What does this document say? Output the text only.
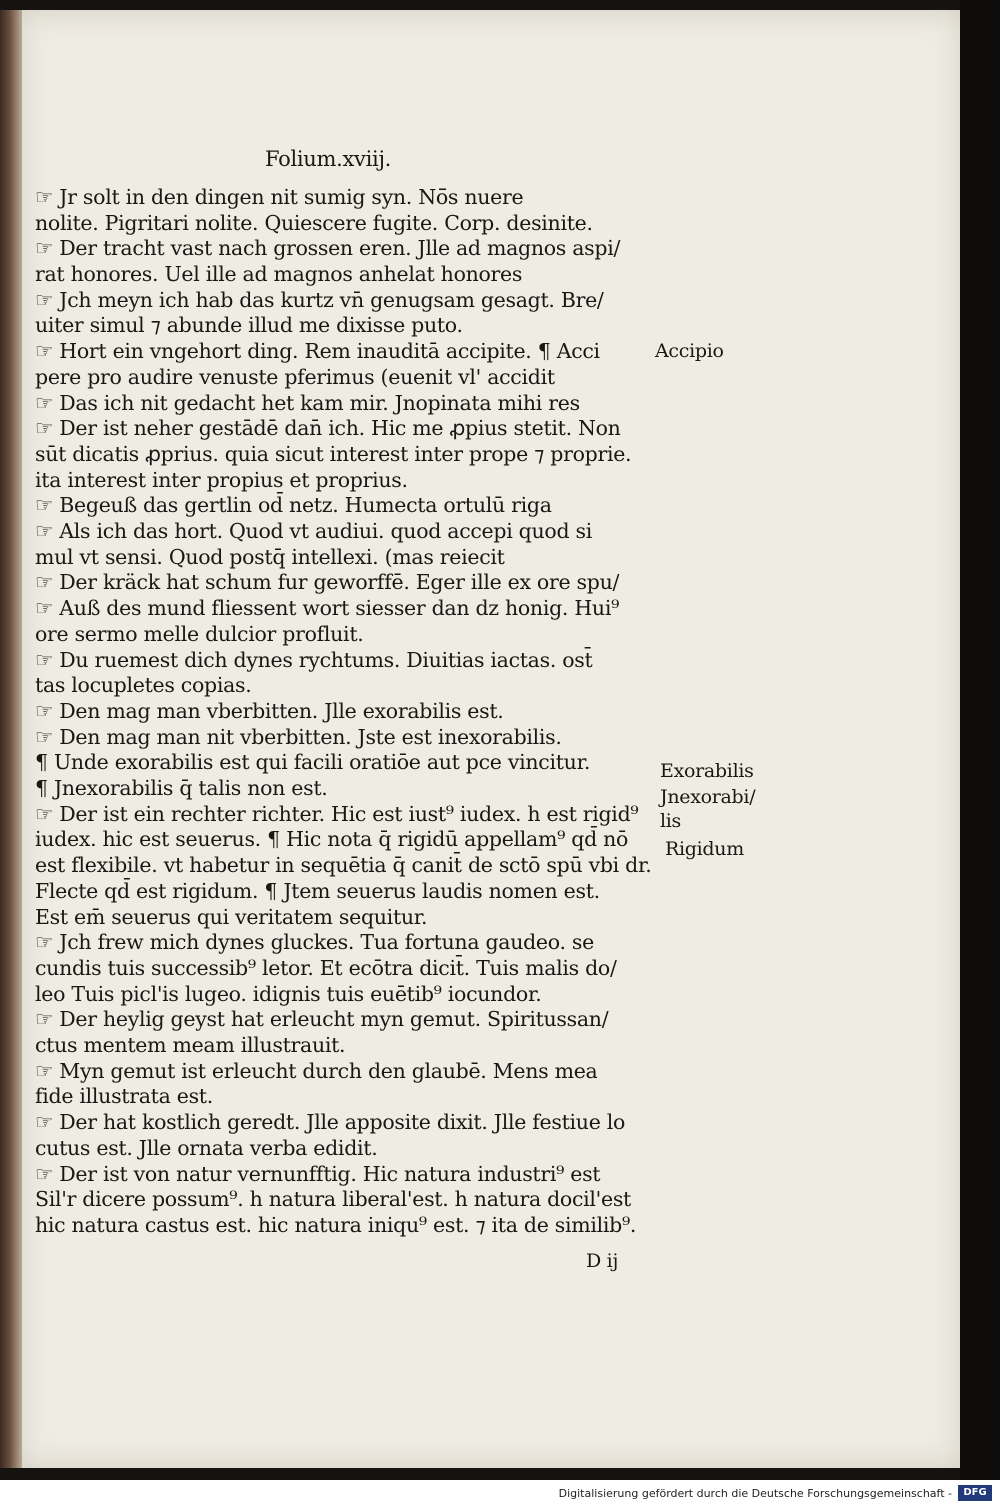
Folium.xviij.
☞ Jr solt in den dingen nit sumig syn. Nō̄s nuere
nolite. Pigritari nolite. Quiescere fugite. Corp. desinite.
☞ Der tracht vast nach grossen eren. Jlle ad magnos aspi/
rat honores. Uel ille ad magnos anhelat honores
☞ Jch meyn ich hab das kurtz vn̄ genugsam gesagt. Bre/
uiter simul ⁊ abunde illud me dixisse puto.
☞ Hort ein vngehort ding. Rem inauditā accipite. ¶ Acci
pere pro audire venuste pferimus (euenit vl' accidit
☞ Das ich nit gedacht het kam mir. Jnopinata mihi res
☞ Der ist neher gestādē dan̄ ich. Hic me ꝓpius stetit. Non
sūt dicatis ꝓprius. quia sicut interest inter prope ⁊ proprie.
ita interest inter propius et proprius.
☞ Begeuß das gertlin od̄ netz. Humecta ortulū riga
☞ Als ich das hort. Quod vt audiui. quod accepi quod si
mul vt sensi. Quod postq̄ intellexi. (mas reiecit
☞ Der kräck hat schum fur geworffē. Eger ille ex ore spu/
☞ Auß des mund fliessent wort siesser dan dz honig. Hui⁹
ore sermo melle dulcior profluit.
☞ Du ruemest dich dynes rychtums. Diuitias iactas. ost̄
tas locupletes copias.
☞ Den mag man vberbitten. Jlle exorabilis est.
☞ Den mag man nit vberbitten. Jste est inexorabilis.
¶ Unde exorabilis est qui facili oratiōe aut pce vincitur.
¶ Jnexorabilis q̄ talis non est.
☞ Der ist ein rechter richter. Hic est iust⁹ iudex. h est rigid⁹
iudex. hic est seuerus. ¶ Hic nota q̄ rigidū appellam⁹ qd̄ nō
est flexibile. vt habetur in sequētia q̄ canit̄ de sctō spū vbi dr.
Flecte qd̄ est rigidum. ¶ Jtem seuerus laudis nomen est.
Est em̄ seuerus qui veritatem sequitur.
☞ Jch frew mich dynes gluckes. Tua fortuna gaudeo. se
cundis tuis successib⁹ letor. Et ecōtra dicit̄. Tuis malis do/
leo Tuis picl'is lugeo. idignis tuis euētib⁹ iocundor.
☞ Der heylig geyst hat erleucht myn gemut. Spiritussan/
ctus mentem meam illustrauit.
☞ Myn gemut ist erleucht durch den glaubē. Mens mea
fide illustrata est.
☞ Der hat kostlich geredt. Jlle apposite dixit. Jlle festiue lo
cutus est. Jlle ornata verba edidit.
☞ Der ist von natur vernunfftig. Hic natura industri⁹ est
Sil'r dicere possum⁹. h natura liberal'est. h natura docil'est
hic natura castus est. hic natura iniqu⁹ est. ⁊ ita de similib⁹.
Accipio
Exorabilis
Jnexorabi/
lis
Rigidum
D ij
Digitalisierung gefördert durch die Deutsche Forschungsgemeinschaft -	DFG
